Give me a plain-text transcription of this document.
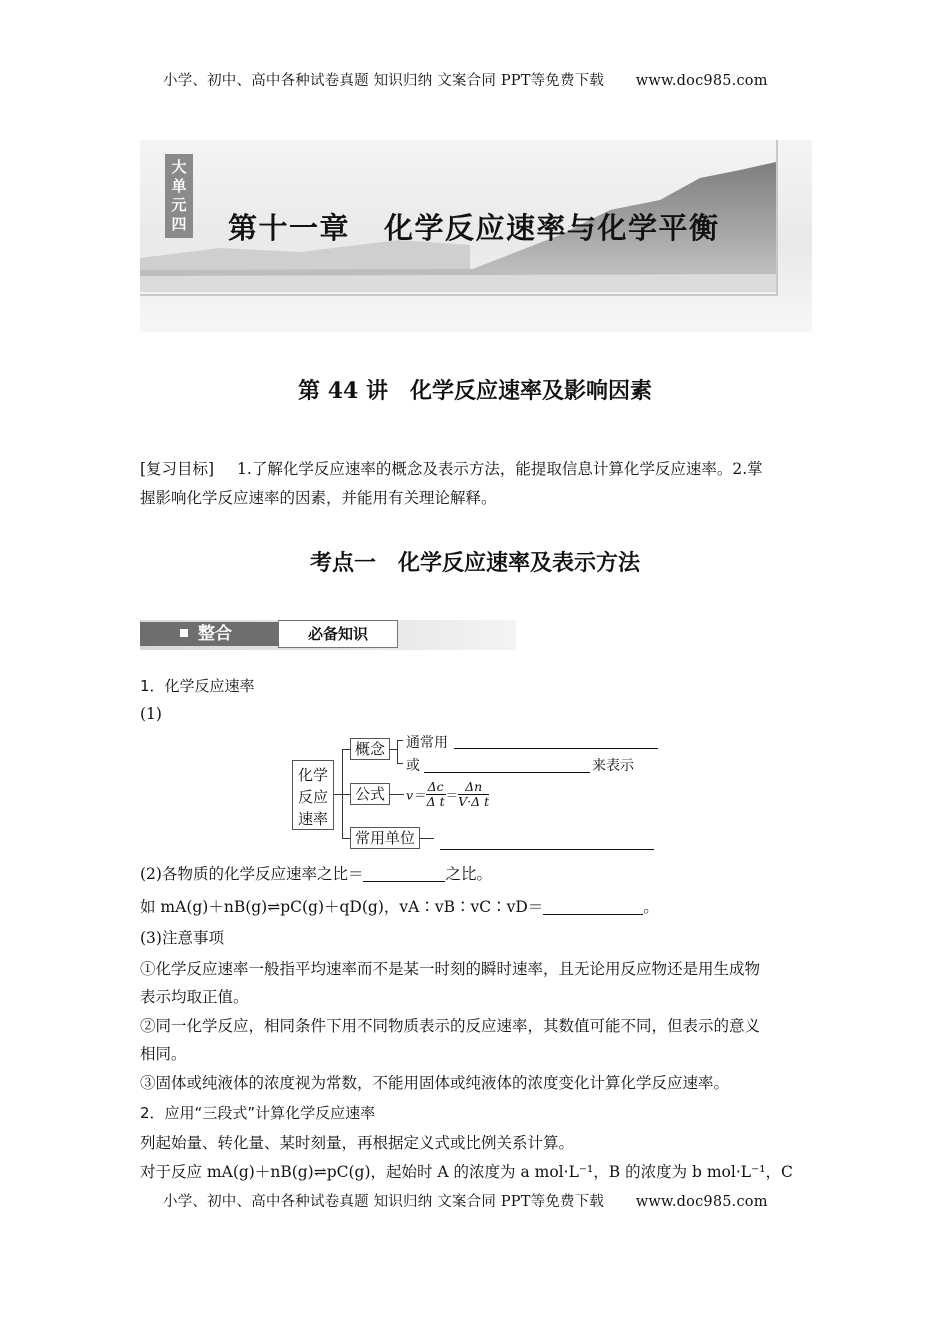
小学、初中、高中各种试卷真题 知识归纳 文案合同 PPT等免费下载 www.doc985.com
大
单
元
四 第十一章 化学反应速率与化学平衡
第 44 讲　化学反应速率及影响因素
[复习目标] 1.了解化学反应速率的概念及表示方法，能提取信息计算化学反应速率。2.掌
握影响化学反应速率的因素，并能用有关理论解释。
考点一　化学反应速率及表示方法
整合	必备知识
1．化学反应速率
(1)
化学
反应
速率
概念
公式
常用单位
通常用
或	来表示
$v= \frac{\Delta c}{\text{Δ t}} = \frac{\Delta n}{\text{V·Δ t}}$
(2)各物质的化学反应速率之比＝	之比。
如 mA(g)＋nB(g)⇌pC(g)＋qD(g)，vA∶vB∶vC∶vD＝	。
(3)注意事项
①化学反应速率一般指平均速率而不是某一时刻的瞬时速率，且无论用反应物还是用生成物
表示均取正值。
②同一化学反应，相同条件下用不同物质表示的反应速率，其数值可能不同，但表示的意义
相同。
③固体或纯液体的浓度视为常数，不能用固体或纯液体的浓度变化计算化学反应速率。
2．应用“三段式”计算化学反应速率
列起始量、转化量、某时刻量，再根据定义式或比例关系计算。
对于反应 mA(g)＋nB(g)⇌pC(g)，起始时 A 的浓度为 a mol·L⁻¹，B 的浓度为 b mol·L⁻¹，C
小学、初中、高中各种试卷真题 知识归纳 文案合同 PPT等免费下载 www.doc985.com
